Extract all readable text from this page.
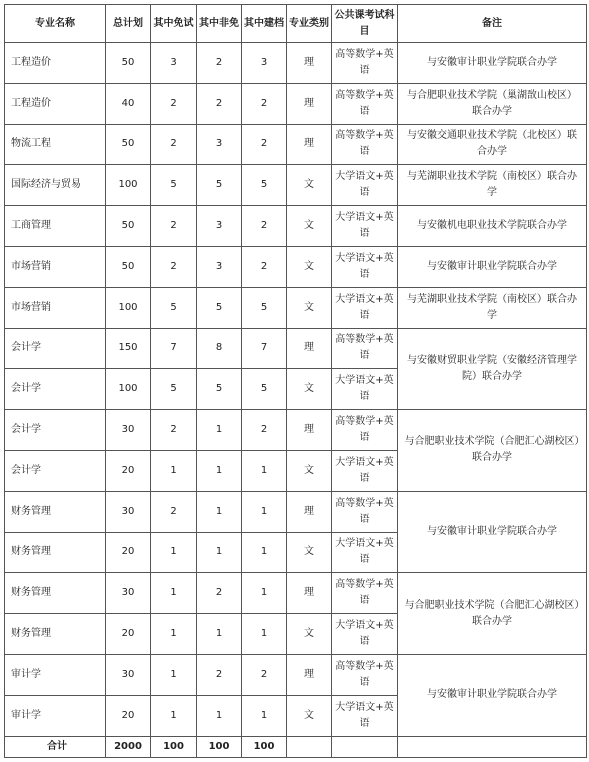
专业名称	总计划	其中免试	其中非免	其中建档	专业类别	公共课考试科目	备注
工程造价	50	3	2	3	理	高等数学+英语	与安徽审计职业学院联合办学
工程造价	40	2	2	2	理	高等数学+英语	与合肥职业技术学院（巢湖敔山校区）联合办学
物流工程	50	2	3	2	理	高等数学+英语	与安徽交通职业技术学院（北校区）联合办学
国际经济与贸易	100	5	5	5	文	大学语文+英语	与芜湖职业技术学院（南校区）联合办学
工商管理	50	2	3	2	文	大学语文+英语	与安徽机电职业技术学院联合办学
市场营销	50	2	3	2	文	大学语文+英语	与安徽审计职业学院联合办学
市场营销	100	5	5	5	文	大学语文+英语	与芜湖职业技术学院（南校区）联合办学
会计学	150	7	8	7	理	高等数学+英语	与安徽财贸职业学院（安徽经济管理学院）联合办学
会计学	100	5	5	5	文	大学语文+英语	
会计学	30	2	1	2	理	高等数学+英语	与合肥职业技术学院（合肥汇心湖校区）联合办学
会计学	20	1	1	1	文	大学语文+英语	
财务管理	30	2	1	1	理	高等数学+英语	与安徽审计职业学院联合办学
财务管理	20	1	1	1	文	大学语文+英语	
财务管理	30	1	2	1	理	高等数学+英语	与合肥职业技术学院（合肥汇心湖校区）联合办学
财务管理	20	1	1	1	文	大学语文+英语	
审计学	30	1	2	2	理	高等数学+英语	与安徽审计职业学院联合办学
审计学	20	1	1	1	文	大学语文+英语	
合计	2000	100	100	100			
